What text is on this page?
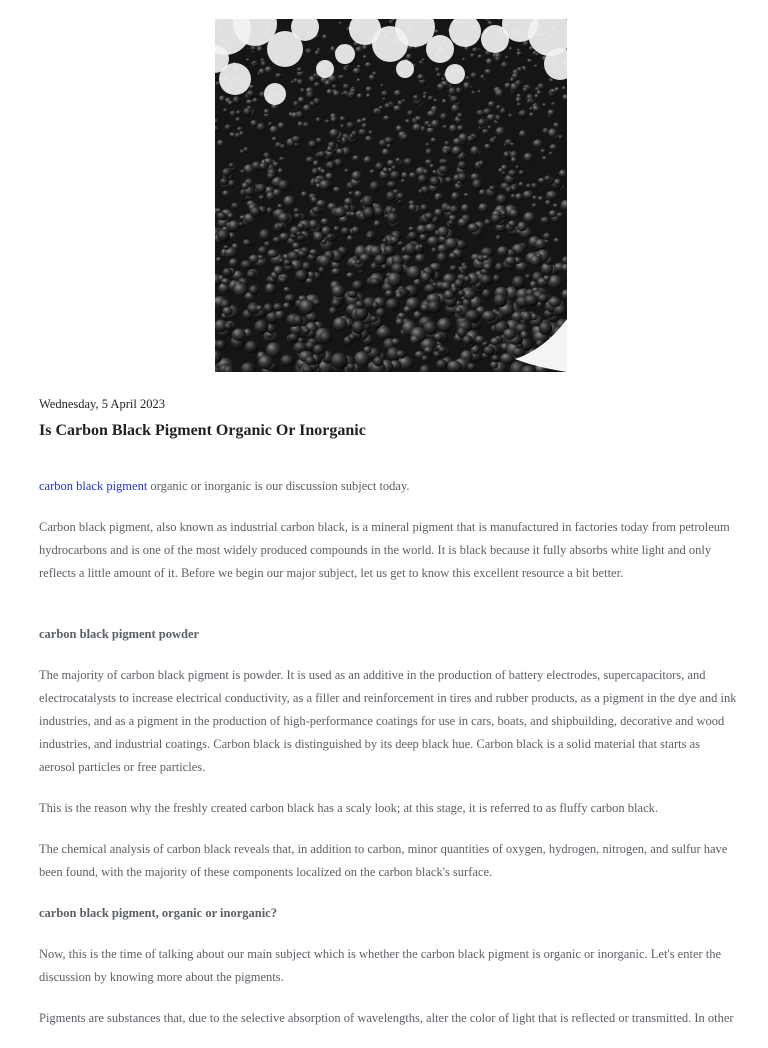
Wednesday, 5 April 2023
Is Carbon Black Pigment Organic Or Inorganic

carbon black pigment organic or inorganic is our discussion subject today.

Carbon black pigment, also known as industrial carbon black, is a mineral pigment that is manufactured in factories today from petroleum hydrocarbons and is one of the most widely produced compounds in the world. It is black because it fully absorbs white light and only reflects a little amount of it. Before we begin our major subject, let us get to know this excellent resource a bit better.

carbon black pigment powder

The majority of carbon black pigment is powder. It is used as an additive in the production of battery electrodes, supercapacitors, and electrocatalysts to increase electrical conductivity, as a filler and reinforcement in tires and rubber products, as a pigment in the dye and ink industries, and as a pigment in the production of high-performance coatings for use in cars, boats, and shipbuilding, decorative and wood industries, and industrial coatings. Carbon black is distinguished by its deep black hue. Carbon black is a solid material that starts as aerosol particles or free particles.

This is the reason why the freshly created carbon black has a scaly look; at this stage, it is referred to as fluffy carbon black.

The chemical analysis of carbon black reveals that, in addition to carbon, minor quantities of oxygen, hydrogen, nitrogen, and sulfur have been found, with the majority of these components localized on the carbon black's surface.

carbon black pigment, organic or inorganic?

Now, this is the time of talking about our main subject which is whether the carbon black pigment is organic or inorganic. Let's enter the discussion by knowing more about the pigments.

Pigments are substances that, due to the selective absorption of wavelengths, alter the color of light that is reflected or transmitted. In other
